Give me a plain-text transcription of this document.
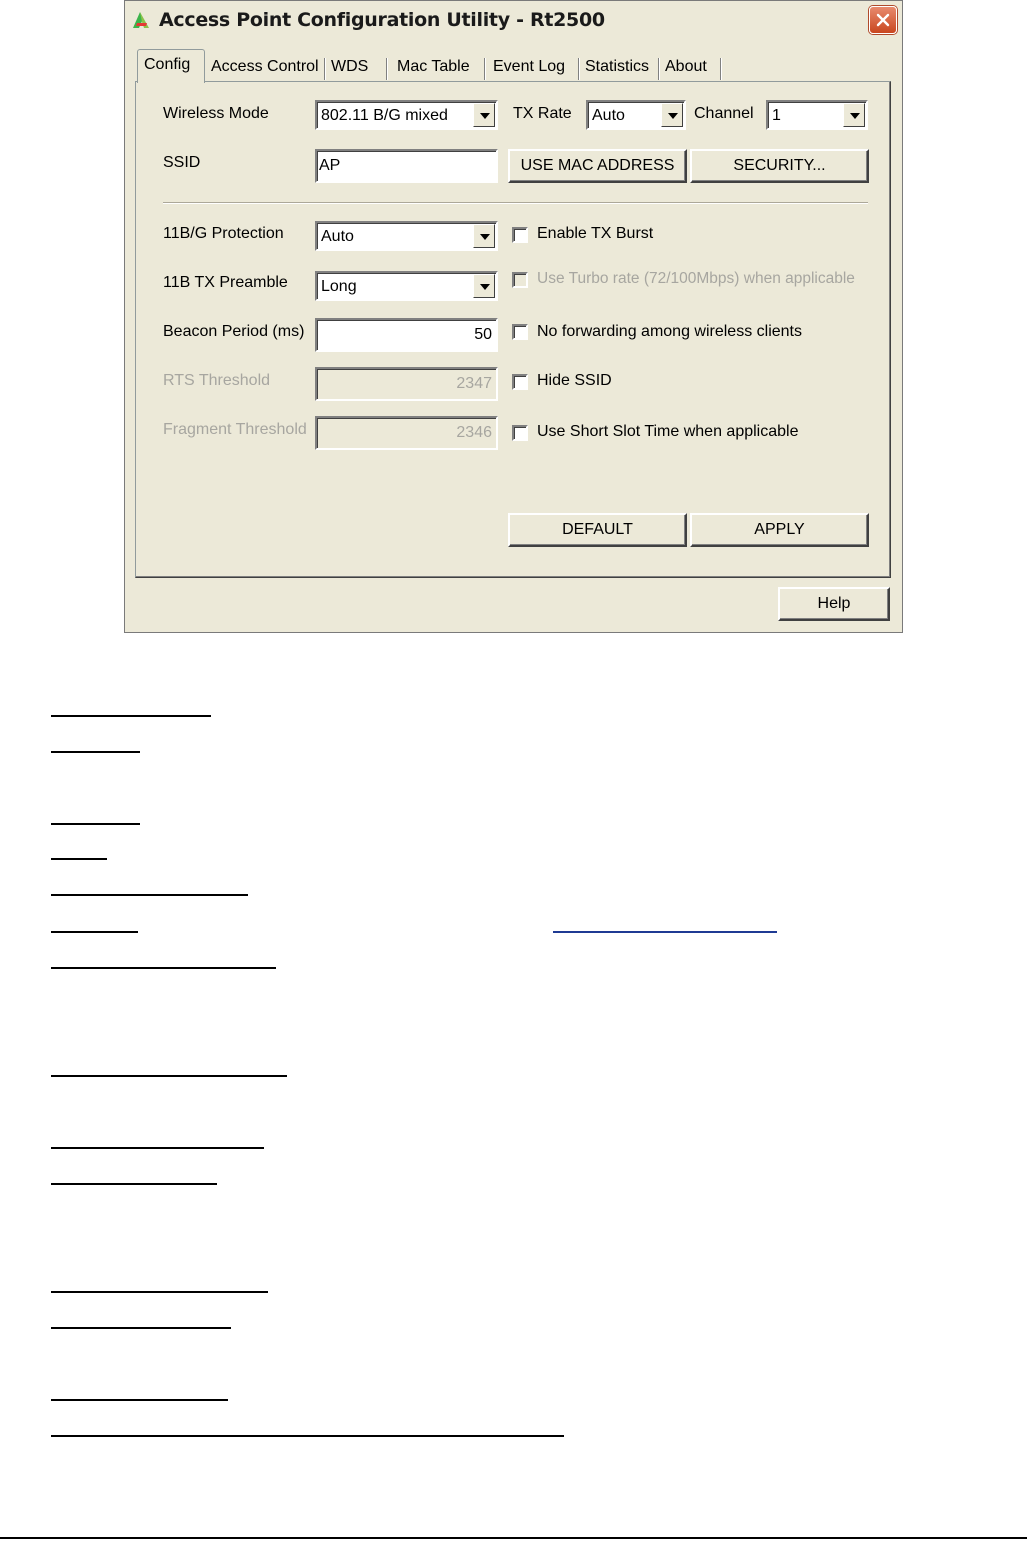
Access Point Configuration Utility - Rt2500
Config	Access Control WDS	Mac Table	Event Log	Statistics About
Help
Wireless Mode	802.11 B/G mixed	TX Rate Auto	Channel 1
SSID	AP	USE MAC ADDRESS	SECURITY...
11B/G Protection Auto	Enable TX Burst
11B TX Preamble Long	Use Turbo rate (72/100Mbps) when applicable
Beacon Period (ms)	50	No forwarding among wireless clients
RTS Threshold	2347	Hide SSID
Fragment Threshold	2346	Use Short Slot Time when applicable
DEFAULT	APPLY
